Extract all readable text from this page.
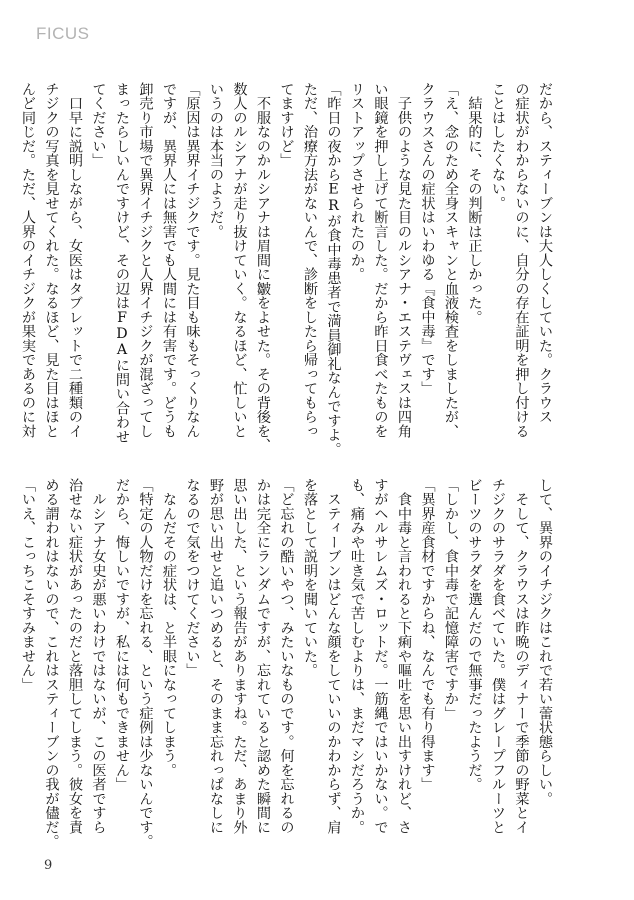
FICUS
だから、スティーブンは大人しくしていた。クラウス
の症状がわからないのに、自分の存在証明を押し付ける
ことはしたくない。
　結果的に、その判断は正しかった。
「え、念のため全身スキャンと血液検査をしましたが、
クラウスさんの症状はいわゆる『食中毒』です」
　子供のような見た目のルシアナ・エステヴェスは四角
い眼鏡を押し上げて断言した。だから昨日食べたものを
リストアップさせられたのか。
「昨日の夜からERが食中毒患者で満員御礼なんですよ。
ただ、治療方法がないんで、診断をしたら帰ってもらっ
てますけど」
　不服なのかルシアナは眉間に皺をよせた。その背後を、
数人のルシアナが走り抜けていく。なるほど、忙しいと
いうのは本当のようだ。
「原因は異界イチジクです。見た目も味もそっくりなん
ですが、異界人には無害でも人間には有害です。どうも
卸売り市場で異界イチジクと人界イチジクが混ざってし
まったらしいんですけど、その辺はFDAに問い合わせ
てください」
　口早に説明しながら、女医はタブレットで二種類のイ
チジクの写真を見せてくれた。なるほど、見た目はほと
んど同じだ。ただ、人界のイチジクが果実であるのに対
して、異界のイチジクはこれで若い蕾状態らしい。
　そして、クラウスは昨晩のディナーで季節の野菜とイ
チジクのサラダを食べていた。僕はグレープフルーツと
ビーツのサラダを選んだので無事だったようだ。
「しかし、食中毒で記憶障害ですか」
「異界産食材ですからね、なんでも有り得ます」
　食中毒と言われると下痢や嘔吐を思い出すけれど、さ
すがヘルサレムズ・ロットだ。一筋縄ではいかない。で
も、痛みや吐き気で苦しむよりは、まだマシだろうか。
　スティーブンはどんな顔をしていいのかわからず、肩
を落として説明を聞いていた。
「ど忘れの酷いやつ、みたいなものです。何を忘れるの
かは完全にランダムですが、忘れていると認めた瞬間に
思い出した、という報告がありますね。ただ、あまり外
野が思い出せと追いつめると、そのまま忘れっぱなしに
なるので気をつけてください」
　なんだその症状は、と半眼になってしまう。
「特定の人物だけを忘れる、という症例は少ないんです。
だから、悔しいですが、私には何もできません」
　ルシアナ女史が悪いわけではないが、この医者ですら
治せない症状があったのだと落胆してしまう。彼女を責
める謂われはないので、これはスティーブンの我が儘だ。
「いえ、こっちこそすみません」
9
